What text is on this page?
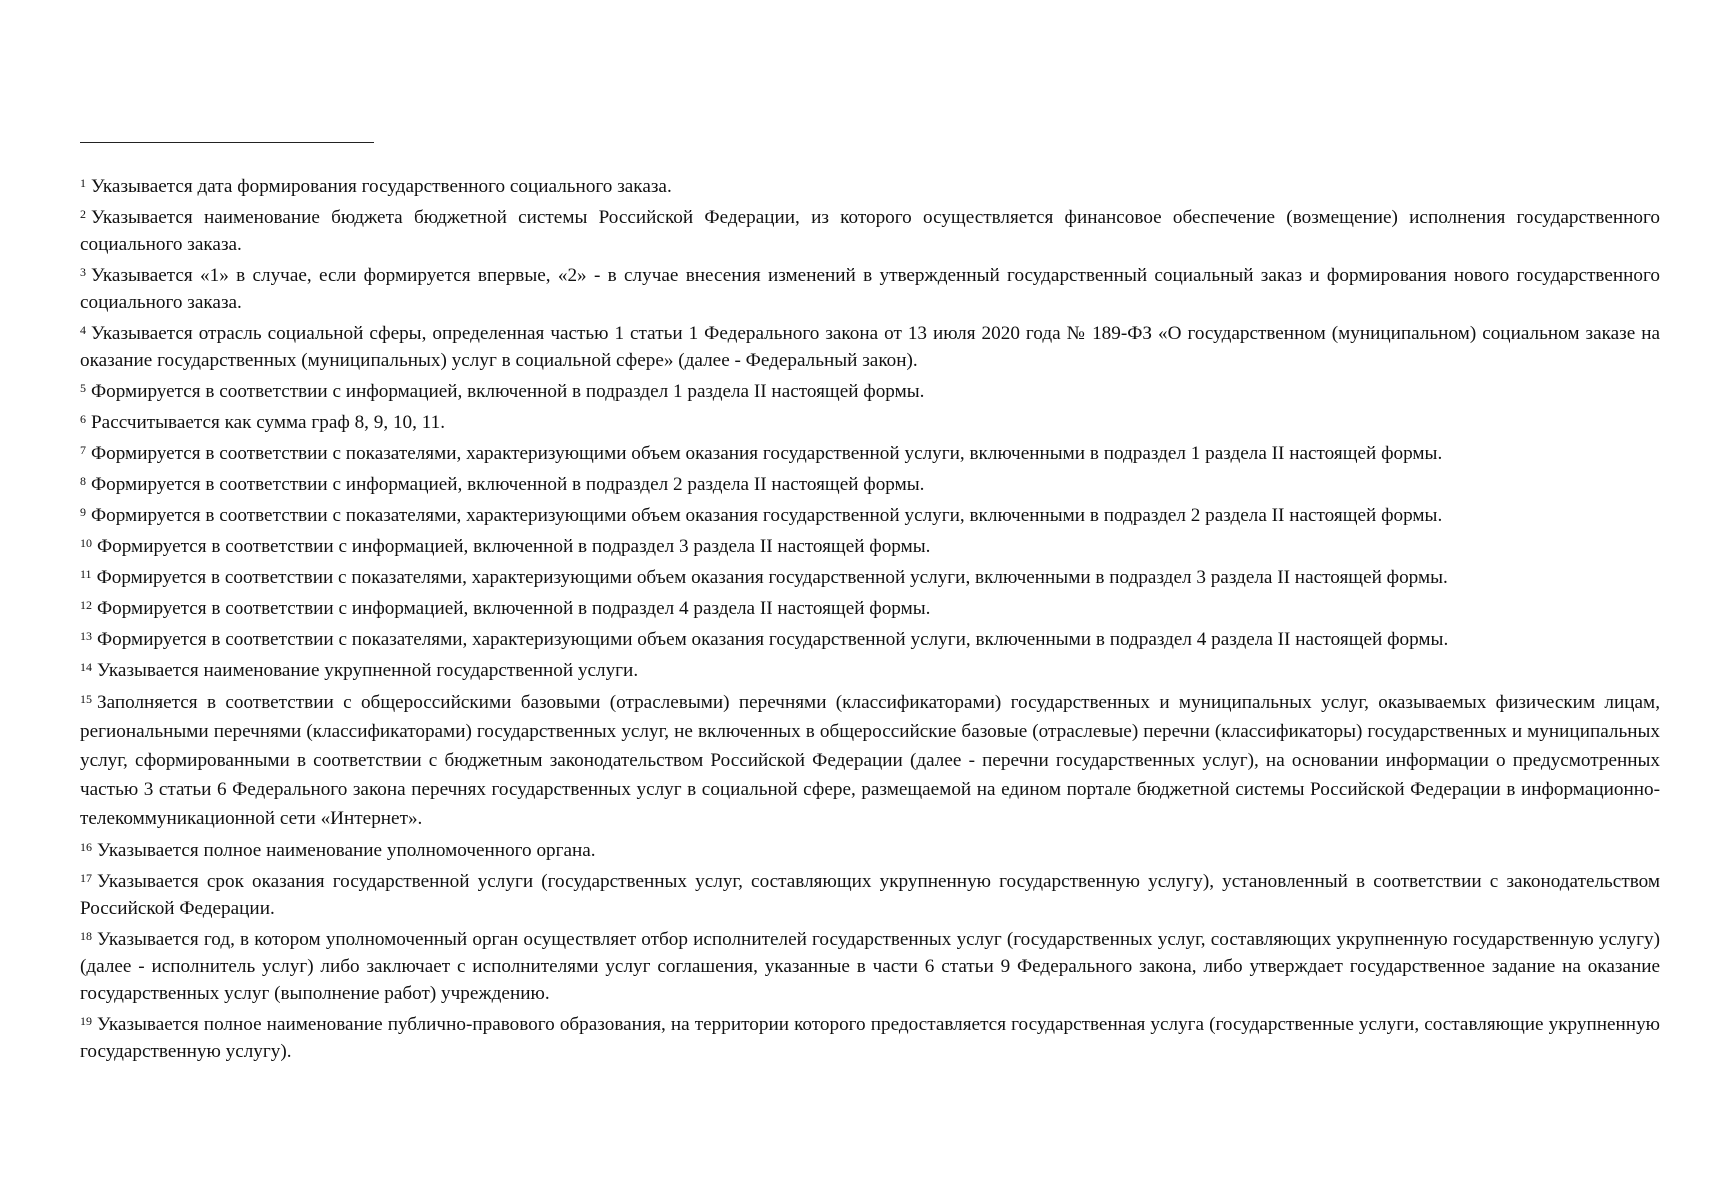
$^1$ Указывается дата формирования государственного социального заказа.

$^2$ Указывается наименование бюджета бюджетной системы Российской Федерации, из которого осуществляется финансовое обеспечение (возмещение) исполнения государственного социального заказа.

$^3$ Указывается «1» в случае, если формируется впервые, «2» - в случае внесения изменений в утвержденный государственный социальный заказ и формирования нового государственного социального заказа.

$^4$ Указывается отрасль социальной сферы, определенная частью 1 статьи 1 Федерального закона от 13 июля 2020 года № 189-ФЗ «О государственном (муниципальном) социальном заказе на оказание государственных (муниципальных) услуг в социальной сфере» (далее - Федеральный закон).

$^5$ Формируется в соответствии с информацией, включенной в подраздел 1 раздела II настоящей формы.

$^6$ Рассчитывается как сумма граф 8, 9, 10, 11.

$^7$ Формируется в соответствии с показателями, характеризующими объем оказания государственной услуги, включенными в подраздел 1 раздела II настоящей формы.

$^8$ Формируется в соответствии с информацией, включенной в подраздел 2 раздела II настоящей формы.

$^9$ Формируется в соответствии с показателями, характеризующими объем оказания государственной услуги, включенными в подраздел 2 раздела II настоящей формы.

$^{10}$ Формируется в соответствии с информацией, включенной в подраздел 3 раздела II настоящей формы.

$^{11}$ Формируется в соответствии с показателями, характеризующими объем оказания государственной услуги, включенными в подраздел 3 раздела II настоящей формы.

$^{12}$ Формируется в соответствии с информацией, включенной в подраздел 4 раздела II настоящей формы.

$^{13}$ Формируется в соответствии с показателями, характеризующими объем оказания государственной услуги, включенными в подраздел 4 раздела II настоящей формы.

$^{14}$ Указывается наименование укрупненной государственной услуги.

$^{15}$ Заполняется в соответствии с общероссийскими базовыми (отраслевыми) перечнями (классификаторами) государственных и муниципальных услуг, оказываемых физическим лицам, региональными перечнями (классификаторами) государственных услуг, не включенных в общероссийские базовые (отраслевые) перечни (классификаторы) государственных и муниципальных услуг, сформированными в соответствии с бюджетным законодательством Российской Федерации (далее - перечни государственных услуг), на основании информации о предусмотренных частью 3 статьи 6 Федерального закона перечнях государственных услуг в социальной сфере, размещаемой на едином портале бюджетной системы Российской Федерации в информационно-телекоммуникационной сети «Интернет».

$^{16}$ Указывается полное наименование уполномоченного органа.

$^{17}$ Указывается срок оказания государственной услуги (государственных услуг, составляющих укрупненную государственную услугу), установленный в соответствии с законодательством Российской Федерации.

$^{18}$ Указывается год, в котором уполномоченный орган осуществляет отбор исполнителей государственных услуг (государственных услуг, составляющих укрупненную государственную услугу) (далее - исполнитель услуг) либо заключает с исполнителями услуг соглашения, указанные в части 6 статьи 9 Федерального закона, либо утверждает государственное задание на оказание государственных услуг (выполнение работ) учреждению.

$^{19}$ Указывается полное наименование публично-правового образования, на территории которого предоставляется государственная услуга (государственные услуги, составляющие укрупненную государственную услугу).
